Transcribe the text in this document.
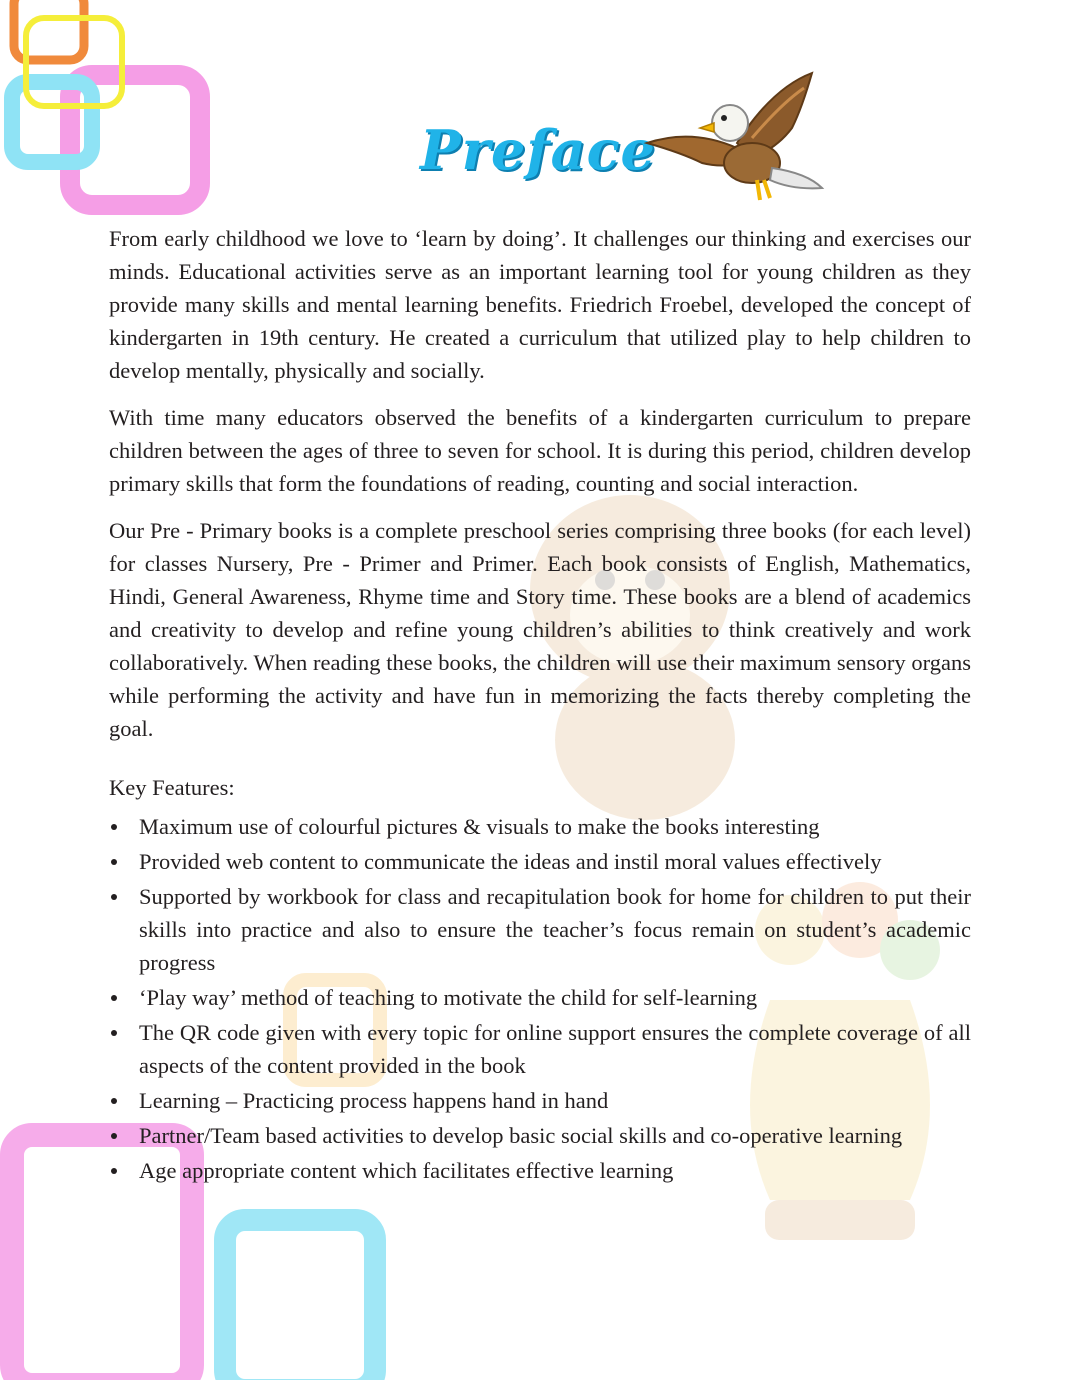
Preface

From early childhood we love to ‘learn by doing’. It challenges our thinking and exercises our minds. Educational activities serve as an important learning tool for young children as they provide many skills and mental learning benefits. Friedrich Froebel, developed the concept of kindergarten in 19th century. He created a curriculum that utilized play to help children to develop mentally, physically and socially.

With time many educators observed the benefits of a kindergarten curriculum to prepare children between the ages of three to seven for school. It is during this period, children develop primary skills that form the foundations of reading, counting and social interaction.

Our Pre - Primary books is a complete preschool series comprising three books (for each level) for classes Nursery, Pre - Primer and Primer. Each book consists of English, Mathematics, Hindi, General Awareness, Rhyme time and Story time. These books are a blend of academics and creativity to develop and refine young children’s abilities to think creatively and work collaboratively. When reading these books, the children will use their maximum sensory organs while performing the activity and have fun in memorizing the facts thereby completing the goal.

Key Features:

Maximum use of colourful pictures & visuals to make the books interesting
Provided web content to communicate the ideas and instil moral values effectively
Supported by workbook for class and recapitulation book for home for children to put their skills into practice and also to ensure the teacher’s focus remain on student’s academic progress
‘Play way’ method of teaching to motivate the child for self-learning
The QR code given with every topic for online support ensures the complete coverage of all aspects of the content provided in the book
Learning – Practicing process happens hand in hand
Partner/Team based activities to develop basic social skills and co-operative learning
Age appropriate content which facilitates effective learning
